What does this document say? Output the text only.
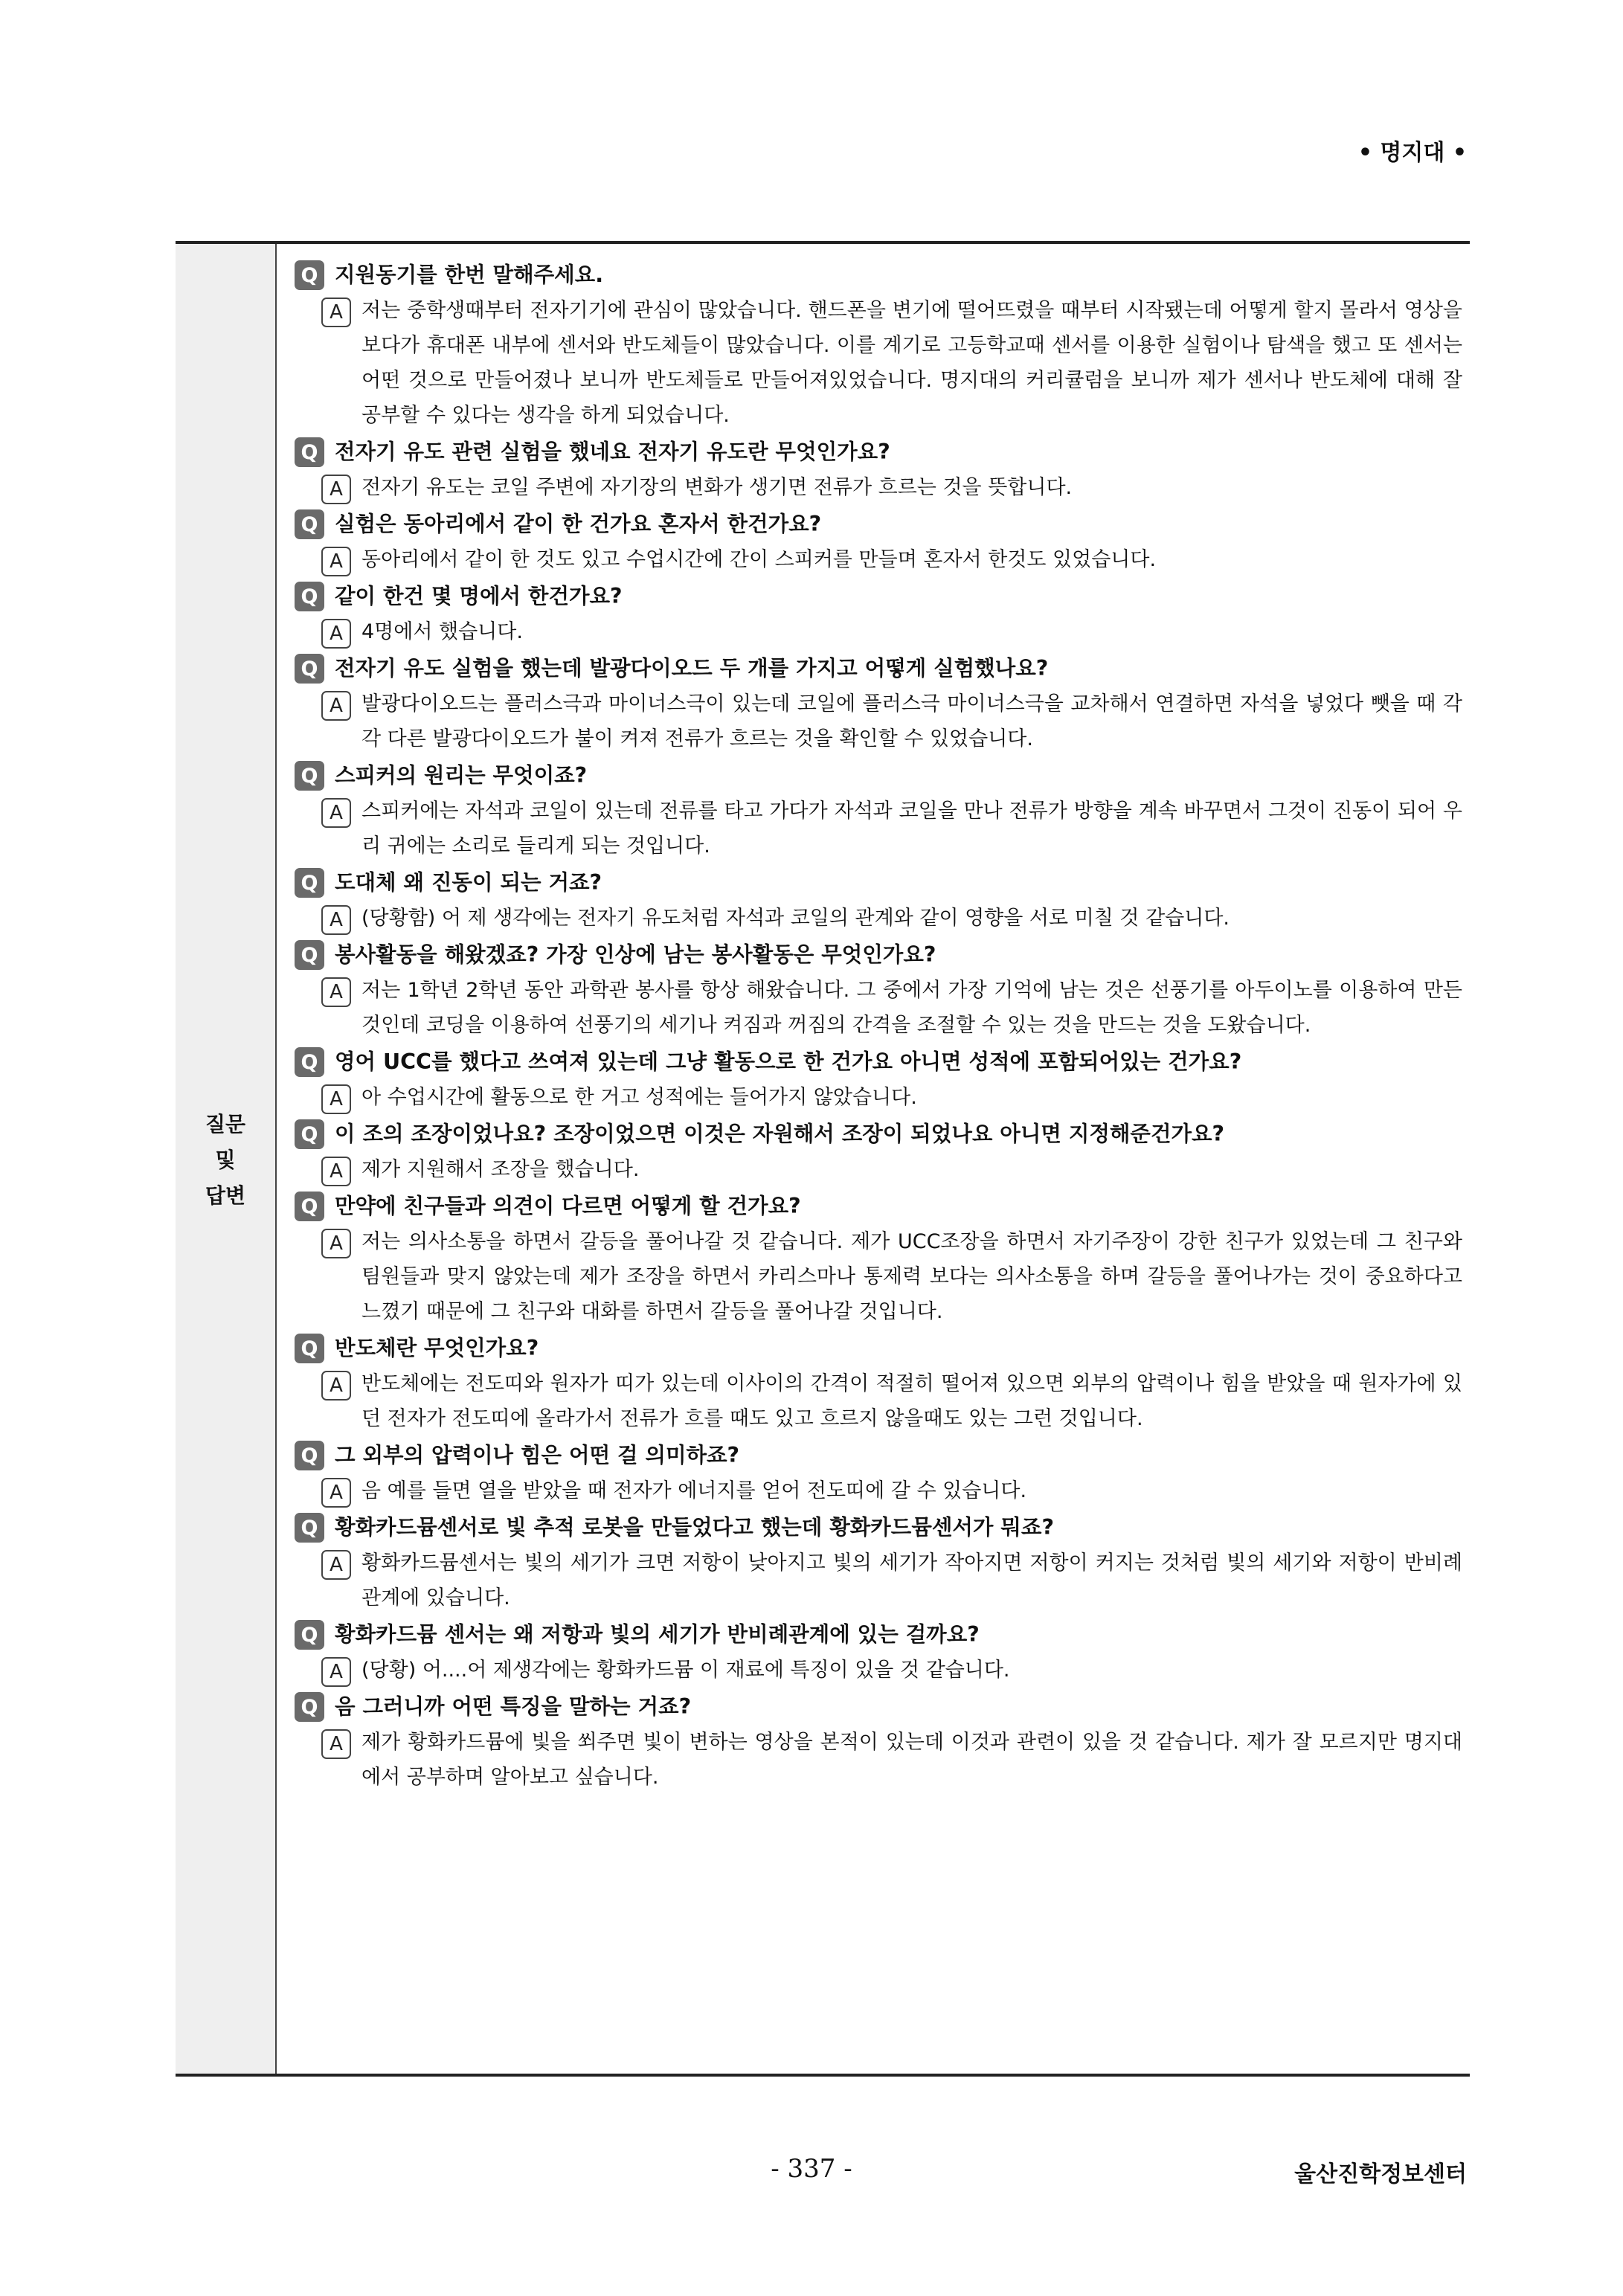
• 명지대 •
질문
및
답변
Q 지원동기를 한번 말해주세요.
A 저는 중학생때부터 전자기기에 관심이 많았습니다. 핸드폰을 변기에 떨어뜨렸을 때부터 시작됐는데 어떻게 할지 몰라서 영상을 보다가 휴대폰 내부에 센서와 반도체들이 많았습니다. 이를 계기로 고등학교때 센서를 이용한 실험이나 탐색을 했고 또 센서는 어떤 것으로 만들어졌나 보니까 반도체들로 만들어져있었습니다. 명지대의 커리큘럼을 보니까 제가 센서나 반도체에 대해 잘 공부할 수 있다는 생각을 하게 되었습니다.
Q 전자기 유도 관련 실험을 했네요 전자기 유도란 무엇인가요?
A 전자기 유도는 코일 주변에 자기장의 변화가 생기면 전류가 흐르는 것을 뜻합니다.
Q 실험은 동아리에서 같이 한 건가요 혼자서 한건가요?
A 동아리에서 같이 한 것도 있고 수업시간에 간이 스피커를 만들며 혼자서 한것도 있었습니다.
Q 같이 한건 몇 명에서 한건가요?
A 4명에서 했습니다.
Q 전자기 유도 실험을 했는데 발광다이오드 두 개를 가지고 어떻게 실험했나요?
A 발광다이오드는 플러스극과 마이너스극이 있는데 코일에 플러스극 마이너스극을 교차해서 연결하면 자석을 넣었다 뺏을 때 각각 다른 발광다이오드가 불이 켜져 전류가 흐르는 것을 확인할 수 있었습니다.
Q 스피커의 원리는 무엇이죠?
A 스피커에는 자석과 코일이 있는데 전류를 타고 가다가 자석과 코일을 만나 전류가 방향을 계속 바꾸면서 그것이 진동이 되어 우리 귀에는 소리로 들리게 되는 것입니다.
Q 도대체 왜 진동이 되는 거죠?
A (당황함) 어 제 생각에는 전자기 유도처럼 자석과 코일의 관계와 같이 영향을 서로 미칠 것 같습니다.
Q 봉사활동을 해왔겠죠? 가장 인상에 남는 봉사활동은 무엇인가요?
A 저는 1학년 2학년 동안 과학관 봉사를 항상 해왔습니다. 그 중에서 가장 기억에 남는 것은 선풍기를 아두이노를 이용하여 만든 것인데 코딩을 이용하여 선풍기의 세기나 켜짐과 꺼짐의 간격을 조절할 수 있는 것을 만드는 것을 도왔습니다.
Q 영어 UCC를 했다고 쓰여져 있는데 그냥 활동으로 한 건가요 아니면 성적에 포함되어있는 건가요?
A 아 수업시간에 활동으로 한 거고 성적에는 들어가지 않았습니다.
Q 이 조의 조장이었나요? 조장이었으면 이것은 자원해서 조장이 되었나요 아니면 지정해준건가요?
A 제가 지원해서 조장을 했습니다.
Q 만약에 친구들과 의견이 다르면 어떻게 할 건가요?
A 저는 의사소통을 하면서 갈등을 풀어나갈 것 같습니다. 제가 UCC조장을 하면서 자기주장이 강한 친구가 있었는데 그 친구와 팀원들과 맞지 않았는데 제가 조장을 하면서 카리스마나 통제력 보다는 의사소통을 하며 갈등을 풀어나가는 것이 중요하다고 느꼈기 때문에 그 친구와 대화를 하면서 갈등을 풀어나갈 것입니다.
Q 반도체란 무엇인가요?
A 반도체에는 전도띠와 원자가 띠가 있는데 이사이의 간격이 적절히 떨어져 있으면 외부의 압력이나 힘을 받았을 때 원자가에 있던 전자가 전도띠에 올라가서 전류가 흐를 때도 있고 흐르지 않을때도 있는 그런 것입니다.
Q 그 외부의 압력이나 힘은 어떤 걸 의미하죠?
A 음 예를 들면 열을 받았을 때 전자가 에너지를 얻어 전도띠에 갈 수 있습니다.
Q 황화카드뮴센서로 빛 추적 로봇을 만들었다고 했는데 황화카드뮴센서가 뭐죠?
A 황화카드뮴센서는 빛의 세기가 크면 저항이 낮아지고 빛의 세기가 작아지면 저항이 커지는 것처럼 빛의 세기와 저항이 반비례관계에 있습니다.
Q 황화카드뮴 센서는 왜 저항과 빛의 세기가 반비례관계에 있는 걸까요?
A (당황) 어....어 제생각에는 황화카드뮴 이 재료에 특징이 있을 것 같습니다.
Q 음 그러니까 어떤 특징을 말하는 거죠?
A 제가 황화카드뮴에 빛을 쐬주면 빛이 변하는 영상을 본적이 있는데 이것과 관련이 있을 것 같습니다. 제가 잘 모르지만 명지대에서 공부하며 알아보고 싶습니다.
- 337 -	울산진학정보센터
